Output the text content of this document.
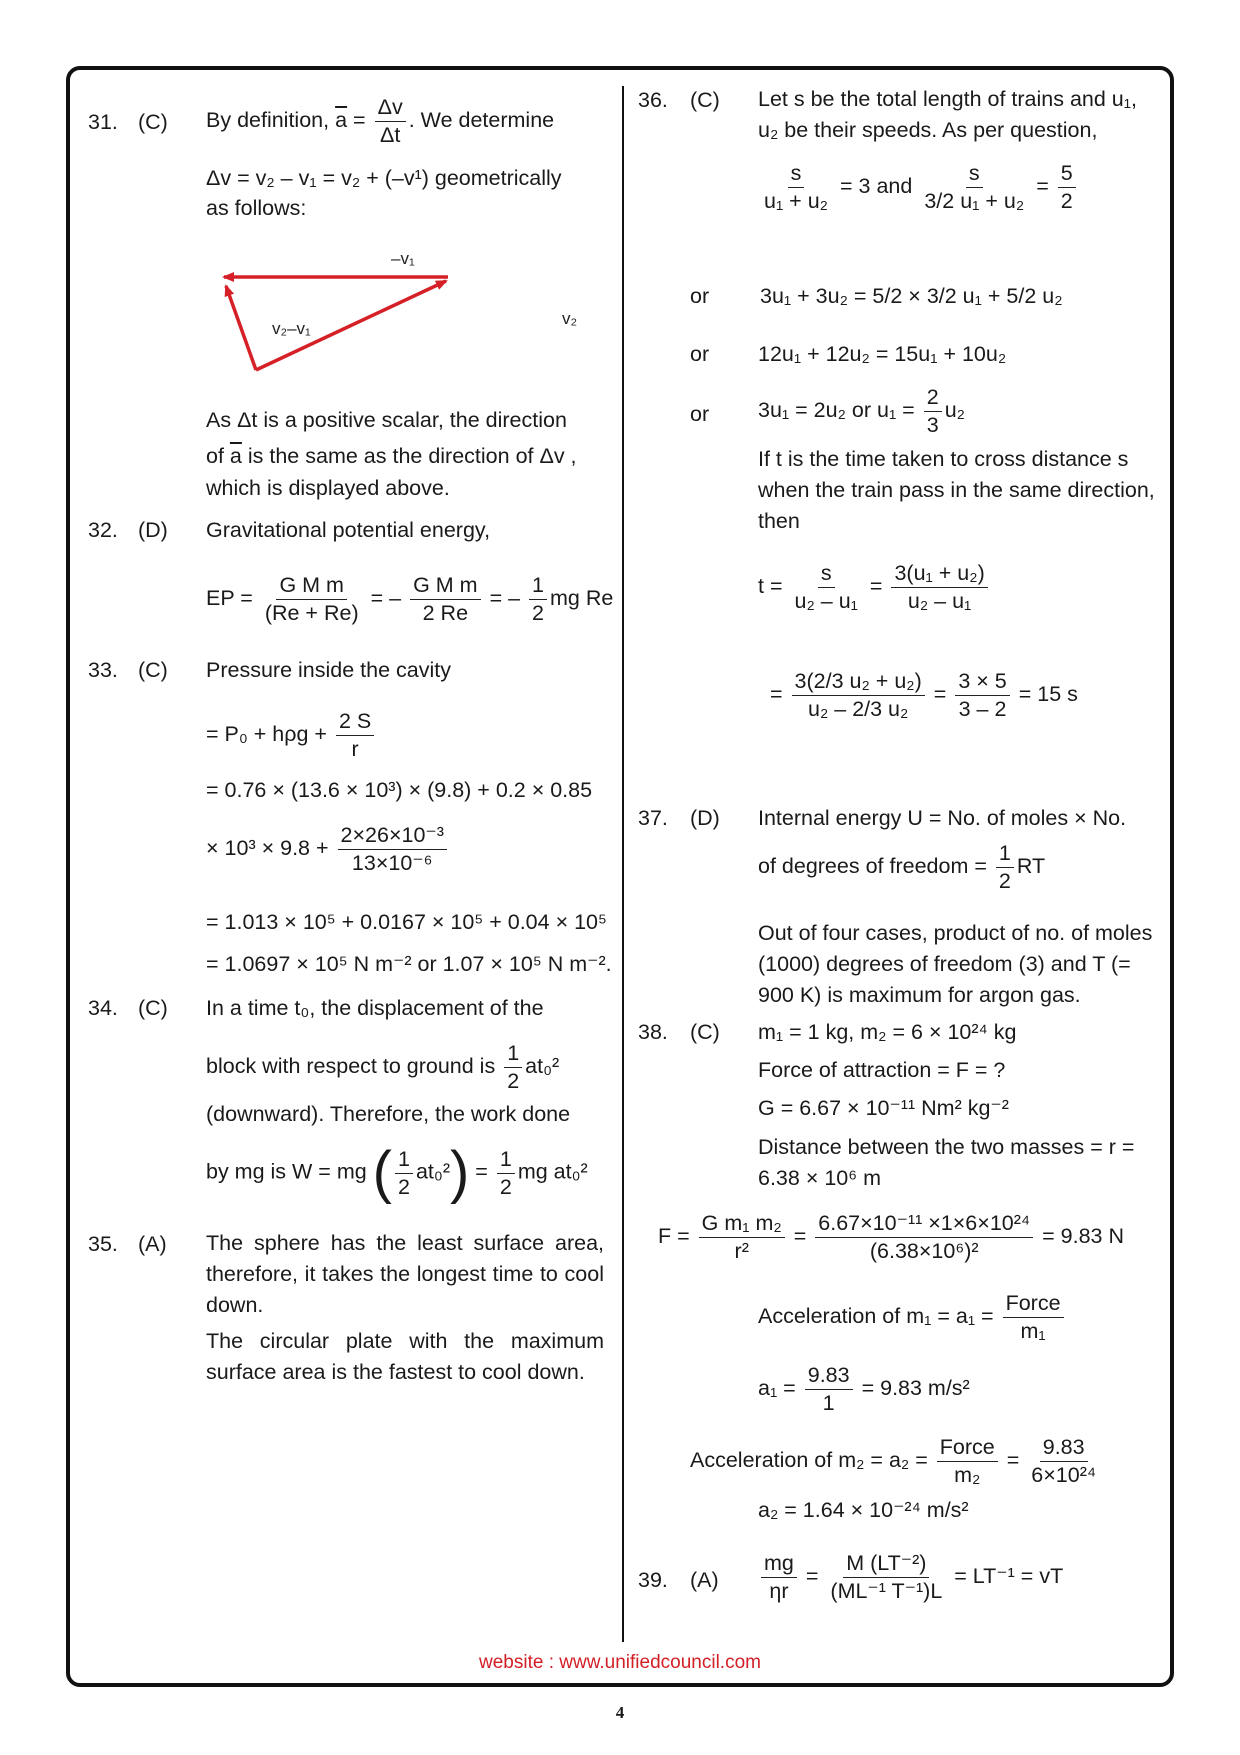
31. (C) By definition, $\overline{a} = \frac{\Delta v}{\Delta t}$ . We determine
Δv = v₂ – v₁ = v₂ + (–v¹) geometrically
as follows:
–v₁
v₂
v₂–v₁
As Δt is a positive scalar, the direction
of $\overline{a}$ is the same as the direction of Δv ,
which is displayed above.
32. (D) Gravitational potential energy,
EP = $\frac{\text{G M m}}{(Re + Re)}$ = – $\frac{\text{G M m}}{2 Re}$ = – $\frac{1}{2}$ mg Re
33. (C) Pressure inside the cavity
= $P_0 + h\rho g + \frac{2 S}{r}$
= 0.76 × (13.6 × 10³) × (9.8) + 0.2 × 0.85
× $10^3 \times 9.8 + \frac{\text{2×26×10⁻³}}{\text{13×10⁻⁶}}$
= 1.013 × 10⁵ + 0.0167 × 10⁵ + 0.04 × 10⁵
= 1.0697 × 10⁵ N m⁻² or 1.07 × 10⁵ N m⁻².
34. (C) In a time t₀, the displacement of the
block with respect to ground is $\frac{1}{2} at_0^2$
(downward). Therefore, the work done
by mg is W = mg ( $\frac{1}{2} at_0^2) = \frac{1}{2}$ mg at₀²
35. (A) The sphere has the least surface area, therefore, it takes the longest time to cool down.
The circular plate with the maximum surface area is the fastest to cool down.
36. (C) Let s be the total length of trains and u₁, u₂ be their speeds. As per question,
$\frac{s}{\text{u₁ + u₂}} = 3$ and $\frac{s}{\text{3/2 u₁ + u₂}} = \frac{5}{2}$
or 3u₁ + 3u₂ = 5/2 × 3/2 u₁ + 5/2 u₂
or 12u₁ + 12u₂ = 15u₁ + 10u₂
or 3u₁ = 2u₂ or $u_1 = \frac{2}{3} u_2$
If t is the time taken to cross distance s when the train pass in the same direction, then
$t = \frac{s}{\text{u₂ – u₁}} = \frac{\text{3(u₁ + u₂)}}{\text{u₂ – u₁}}$
= $\frac{\text{3(2/3 u₂ + u₂)}}{\text{u₂ – 2/3 u₂}} = \frac{3 \times 5}{3 - 2} = 15$ s
37. (D) Internal energy U = No. of moles × No.
of degrees of freedom = $\frac{1}{2}$ RT
Out of four cases, product of no. of moles (1000) degrees of freedom (3) and T (= 900 K) is maximum for argon gas.
38. (C) m₁ = 1 kg, m₂ = 6 × 10²⁴ kg
Force of attraction = F = ?
G = 6.67 × 10⁻¹¹ Nm² kg⁻²
Distance between the two masses = r = 6.38 × 10⁶ m
$F = \frac{\text{G m₁ m₂}}{\text{r²}} = \frac{\text{6.67×10⁻¹¹ ×1×6×10²⁴}}{\text{(6.38×10⁶)²}} = 9.83$ N
Acceleration of $m_1 = a_1 = \frac{\text{Force}}{\text{m₁}}$
$a_1 = \frac{9.83}{1} = 9.83$ m/s²
Acceleration of $m_2 = a_2 = \frac{\text{Force}}{\text{m₂}} = \frac{9.83}{\text{6×10²⁴}}$
a₂ = 1.64 × 10⁻²⁴ m/s²
39. $(A) \frac{mg}{\eta r} = \frac{\text{M (LT⁻²)}}{\text{(ML⁻¹ T⁻¹)L}} = LT^{-1}$ = vT
website : www.unifiedcouncil.com
4
